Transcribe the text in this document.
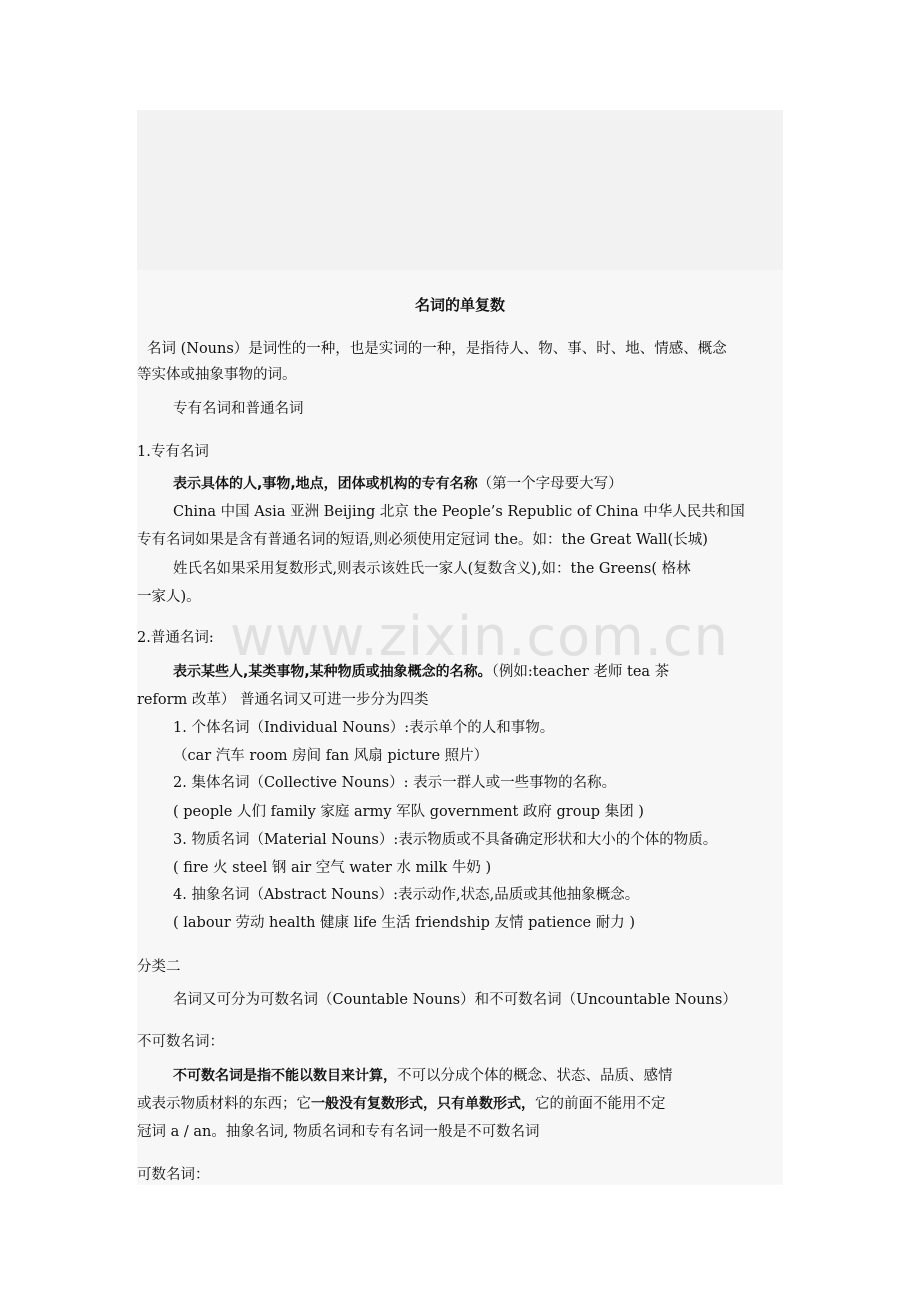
名词的单复数
名词 (Nouns）是词性的一种，也是实词的一种，是指待人、物、事、时、地、情感、概念
等实体或抽象事物的词。
专有名词和普通名词
1.专有名词
表示具体的人,事物,地点，团体或机构的专有名称（第一个字母要大写）
China 中国 Asia 亚洲 Beijing 北京 the People’s Republic of China 中华人民共和国
专有名词如果是含有普通名词的短语,则必须使用定冠词 the。如：the Great Wall(长城)
姓氏名如果采用复数形式,则表示该姓氏一家人(复数含义),如：the Greens( 格林
一家人)。
2.普通名词:
表示某些人,某类事物,某种物质或抽象概念的名称。（例如:teacher 老师 tea 茶
reform 改革） 普通名词又可进一步分为四类
1. 个体名词（Individual Nouns）:表示单个的人和事物。
（car 汽车 room 房间 fan 风扇 picture 照片）
2. 集体名词（Collective Nouns）: 表示一群人或一些事物的名称。
( people 人们 family 家庭 army 军队 government 政府 group 集团 )
3. 物质名词（Material Nouns）:表示物质或不具备确定形状和大小的个体的物质。
( fire 火 steel 钢 air 空气 water 水 milk 牛奶 )
4. 抽象名词（Abstract Nouns）:表示动作,状态,品质或其他抽象概念。
( labour 劳动 health 健康 life 生活 friendship 友情 patience 耐力 )
分类二
名词又可分为可数名词（Countable Nouns）和不可数名词（Uncountable Nouns）
不可数名词：
不可数名词是指不能以数目来计算，不可以分成个体的概念、状态、品质、感情
或表示物质材料的东西；它一般没有复数形式，只有单数形式，它的前面不能用不定
冠词 a / an。抽象名词, 物质名词和专有名词一般是不可数名词
可数名词：
www.zixin.com.cn
